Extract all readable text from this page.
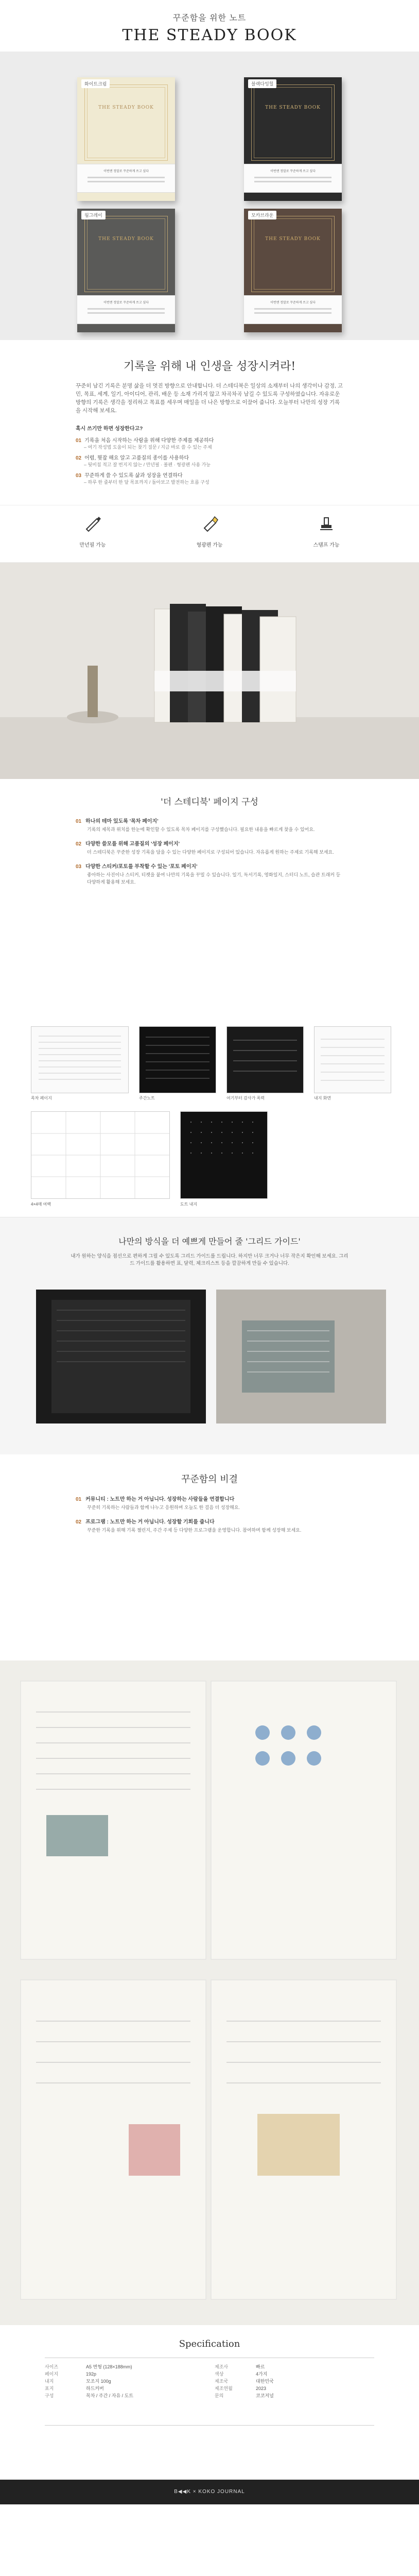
꾸준함을 위한 노트
THE STEADY BOOK
THE STEADY BOOK
이번엔 정말로 꾸준하게 쓰고 싶다
화이트크림
THE STEADY BOOK
이번엔 정말로 꾸준하게 쓰고 싶다
블랙다잉힐
THE STEADY BOOK
이번엔 정말로 꾸준하게 쓰고 싶다
웜그레이
THE STEADY BOOK
이번엔 정말로 꾸준하게 쓰고 싶다
모카브라운
기록을 위해 내 인생을 성장시켜라!

꾸준히 남긴 기록은 분명 삶을 더 멋진 방향으로 안내합니다. 더 스테디북은 일상의 소재부터 나의 생각이나 감정, 고민, 목표, 세계, 일기, 아이디어, 관리, 배운 등 소재 가리지 않고 차곡차곡 남길 수 있도록 구성하였습니다. 자유로운 방향의 기록은 생각을 정리하고 목표를 세우며 매일을 더 나은 방향으로 이끌어 줍니다. 오늘부터 나만의 성장 기록을 시작해 보세요.

혹시 쓰기만 하면 성장한다고?
01 기록을 처음 시작하는 사람을 위해 다양한 주제를 제공하다
– 여기 작성법 도움이 되는 찾기 질문 / 지금 바로 쓸 수 있는 주제
02 어렵, 뭣잡 해요 알고 고품질의 종이를 사용하다
– 뒷비침 적고 잘 번지지 않는 / 만년필 · 볼펜 · 형광펜 사용 가능
03 꾸준하게 쓸 수 있도록 삶과 성장을 연결하다
– 하루 한 줄부터 한 달 목표까지 / 돌아보고 발전하는 흐름 구성
만년필 가능	형광펜 가능	스탬프 가능
'더 스테디북' 페이지 구성
01 하나의 테마 있도록 '목차 페이지'
기록의 제목과 위치를 한눈에 확인할 수 있도록 목차 페이지를 구성했습니다. 필요한 내용을 빠르게 찾을 수 있어요.
02 다양한 쓸모를 위해 고품질의 '성장 페이지'
더 스테디북은 꾸준한 성장 기록을 담을 수 있는 다양한 페이지로 구성되어 있습니다. 자유롭게 원하는 주제로 기록해 보세요.
03 다양한 스티커/포토를 부착할 수 있는 '포토 페이지'
좋아하는 사진이나 스티커, 티켓을 붙여 나만의 기록을 꾸밀 수 있습니다. 일기, 독서기록, 영화일지, 스터디 노트, 습관 트래커 등 다양하게 활용해 보세요.
목차 페이지	주간노트	여기부터 감사가 폭력	내지 화면
4×4매 여백	도트 내지
나만의 방식을 더 예쁘게 만들어 줄 '그리드 가이드'

내가 원하는 양식을 점선으로 편하게 그릴 수 있도록 그리드 가이드를 드립니다. 하지만 너무 크거나 너무 작은지 확인해 보세요. 그리드 가이드를 활용하면 표, 달력, 체크리스트 등을 깔끔하게 만들 수 있습니다.

꾸준함의 비결
01 커뮤니티 : 노트만 하는 거 아닙니다. 성장하는 사람들을 연결합니다
꾸준히 기록하는 사람들과 함께 나누고 응원하며 오늘도 한 걸음 더 성장해요.
02 프로그램 : 노트만 하는 거 아닙니다. 성장할 기회를 줍니다
꾸준한 기록을 위해 기록 챌린지, 주간 주제 등 다양한 프로그램을 운영합니다. 참여하며 함께 성장해 보세요.
Specification
사이즈	A5 변형 (128×188mm)
페이지	192p
내지	모조지 100g
표지	하드커버
구성	목차 / 주간 / 자유 / 도트
제조사	빠르
색상	4가지
제조국	대한민국
제조연월	2023
문의	코코저널
B◀◀K × KOKO JOURNAL
